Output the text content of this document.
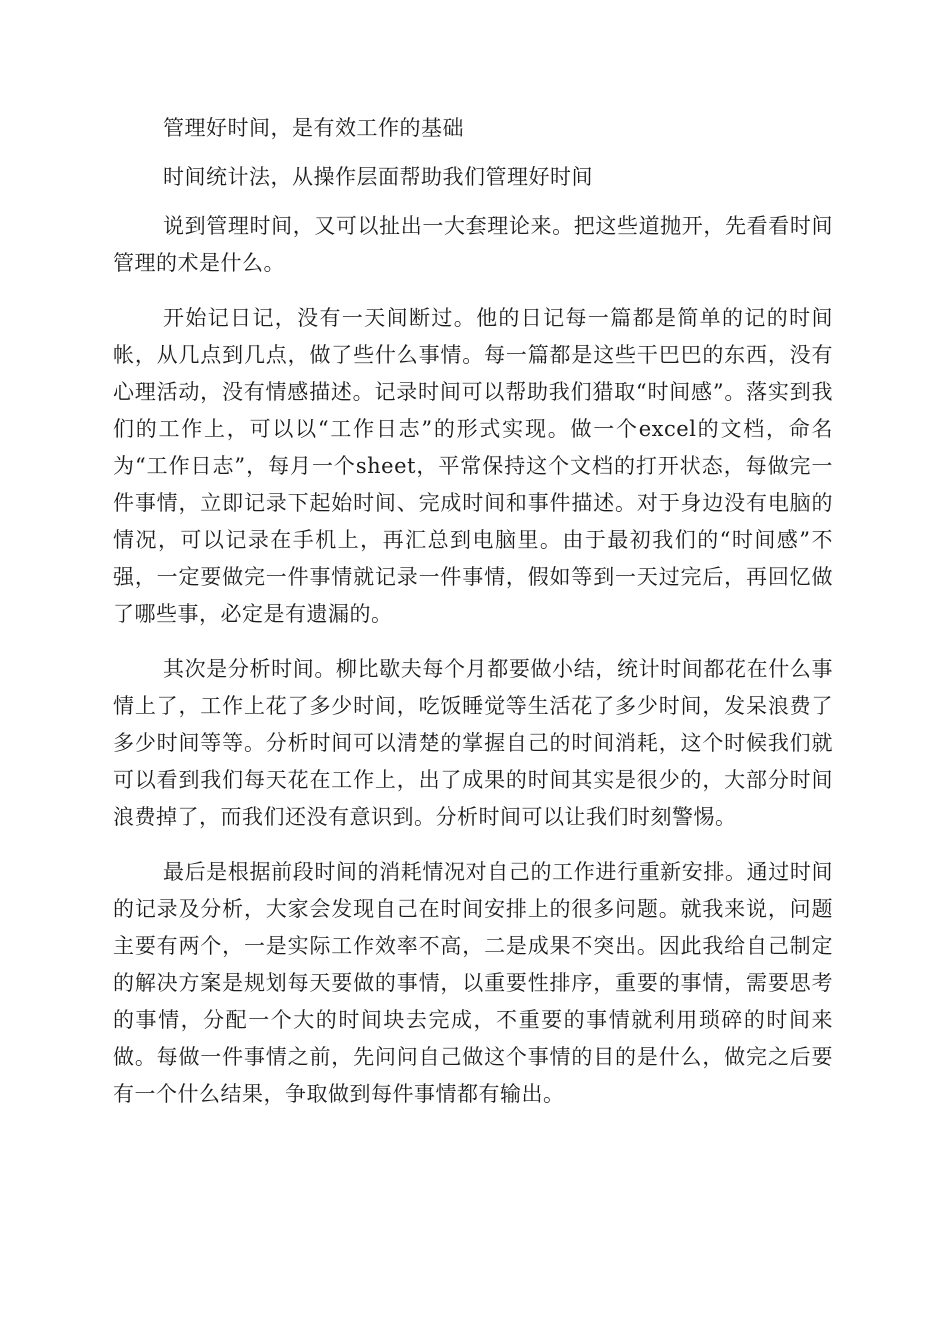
管理好时间，是有效工作的基础

时间统计法，从操作层面帮助我们管理好时间

说到管理时间，又可以扯出一大套理论来。把这些道抛开，先看看时间管理的术是什么。

开始记日记，没有一天间断过。他的日记每一篇都是简单的记的时间帐，从几点到几点，做了些什么事情。每一篇都是这些干巴巴的东西，没有心理活动，没有情感描述。记录时间可以帮助我们猎取“时间感”。落实到我们的工作上，可以以“工作日志”的形式实现。做一个excel的文档，命名为“工作日志”，每月一个sheet，平常保持这个文档的打开状态，每做完一件事情，立即记录下起始时间、完成时间和事件描述。对于身边没有电脑的情况，可以记录在手机上，再汇总到电脑里。由于最初我们的“时间感”不强，一定要做完一件事情就记录一件事情，假如等到一天过完后，再回忆做了哪些事，必定是有遗漏的。

其次是分析时间。柳比歇夫每个月都要做小结，统计时间都花在什么事情上了，工作上花了多少时间，吃饭睡觉等生活花了多少时间，发呆浪费了多少时间等等。分析时间可以清楚的掌握自己的时间消耗，这个时候我们就可以看到我们每天花在工作上，出了成果的时间其实是很少的，大部分时间浪费掉了，而我们还没有意识到。分析时间可以让我们时刻警惕。

最后是根据前段时间的消耗情况对自己的工作进行重新安排。通过时间的记录及分析，大家会发现自己在时间安排上的很多问题。就我来说，问题主要有两个，一是实际工作效率不高，二是成果不突出。因此我给自己制定的解决方案是规划每天要做的事情，以重要性排序，重要的事情，需要思考的事情，分配一个大的时间块去完成，不重要的事情就利用琐碎的时间来做。每做一件事情之前，先问问自己做这个事情的目的是什么，做完之后要有一个什么结果，争取做到每件事情都有输出。
